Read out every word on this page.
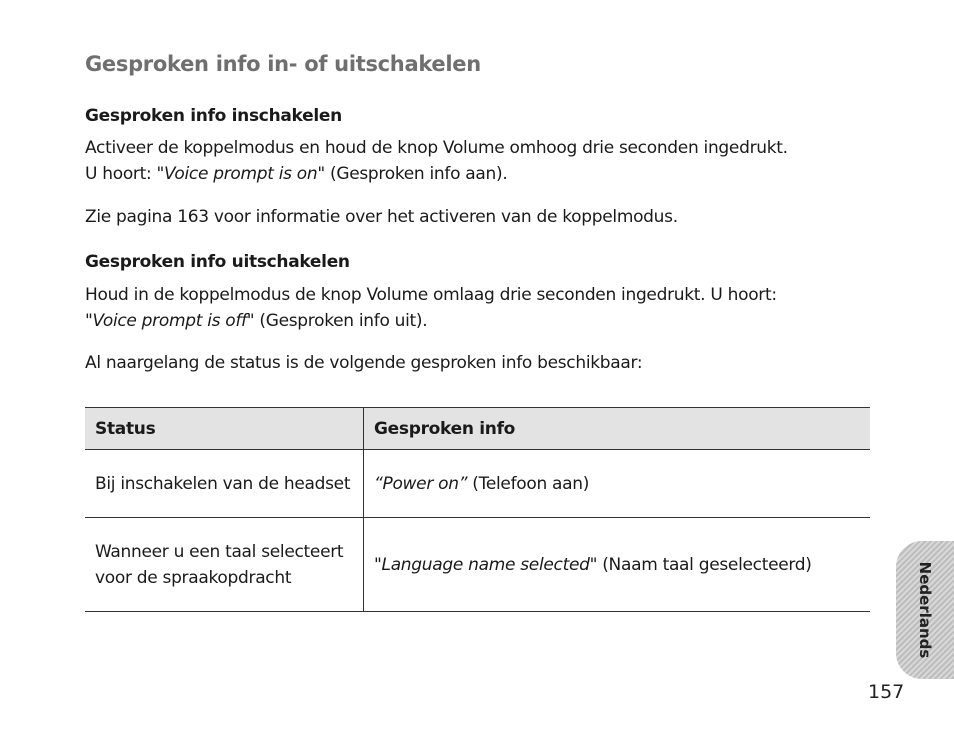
Gesproken info in- of uitschakelen
Gesproken info inschakelen
Activeer de koppelmodus en houd de knop Volume omhoog drie seconden ingedrukt.
U hoort: "Voice prompt is on" (Gesproken info aan).
Zie pagina 163 voor informatie over het activeren van de koppelmodus.
Gesproken info uitschakelen
Houd in de koppelmodus de knop Volume omlaag drie seconden ingedrukt. U hoort:
"Voice prompt is off" (Gesproken info uit).
Al naargelang de status is de volgende gesproken info beschikbaar:
Status	Gesproken info
Bij inschakelen van de headset	“Power on” (Telefoon aan)
Wanneer u een taal selecteert voor de spraakopdracht	"Language name selected" (Naam taal geselecteerd)	Nederlands
157
